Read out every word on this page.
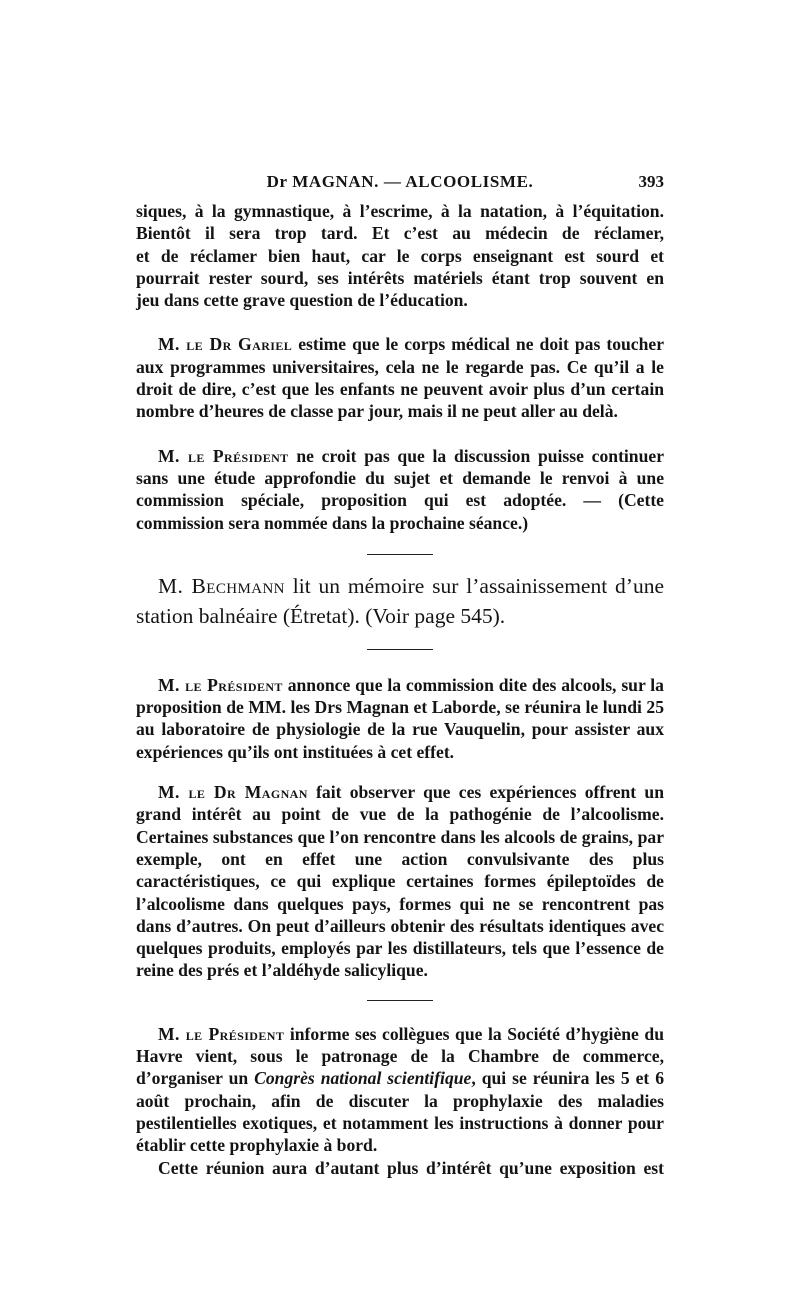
Dr MAGNAN. — ALCOOLISME.	393

siques, à la gymnastique, à l’escrime, à la natation, à l’équitation.
Bientôt il sera trop tard. Et c’est au médecin de réclamer,
et de réclamer bien haut, car le corps enseignant est sourd et
pourrait rester sourd, ses intérêts matériels étant trop souvent en

jeu dans cette grave question de l’éducation.

M. le Dr Gariel estime que le corps médical ne doit pas toucher aux programmes universitaires, cela ne le regarde pas. Ce qu’il a le droit de dire, c’est que les enfants ne peuvent avoir plus d’un certain nombre d’heures de classe par jour, mais il ne peut aller au delà.

M. le Président ne croit pas que la discussion puisse continuer sans une étude approfondie du sujet et demande le renvoi à une commission spéciale, proposition qui est adoptée. — (Cette commission sera nommée dans la prochaine séance.)

M. Bechmann lit un mémoire sur l’assainissement d’une station balnéaire (Étretat). (Voir page 545).

M. le Président annonce que la commission dite des alcools, sur la proposition de MM. les Drs Magnan et Laborde, se réunira le lundi 25 au laboratoire de physiologie de la rue Vauquelin, pour assister aux expériences qu’ils ont instituées à cet effet.

M. le Dr Magnan fait observer que ces expériences offrent un grand intérêt au point de vue de la pathogénie de l’alcoolisme. Certaines substances que l’on rencontre dans les alcools de grains, par exemple, ont en effet une action convulsivante des plus caractéristiques, ce qui explique certaines formes épileptoïdes de l’alcoolisme dans quelques pays, formes qui ne se rencontrent pas dans d’autres. On peut d’ailleurs obtenir des résultats identiques avec quelques produits, employés par les distillateurs, tels que l’essence de reine des prés et l’aldéhyde salicylique.

M. le Président informe ses collègues que la Société d’hygiène du Havre vient, sous le patronage de la Chambre de commerce, d’organiser un Congrès national scientifique, qui se réunira les 5 et 6 août prochain, afin de discuter la prophylaxie des maladies pestilentielles exotiques, et notamment les instructions à donner pour établir cette prophylaxie à bord.

Cette réunion aura d’autant plus d’intérêt qu’une exposition est
